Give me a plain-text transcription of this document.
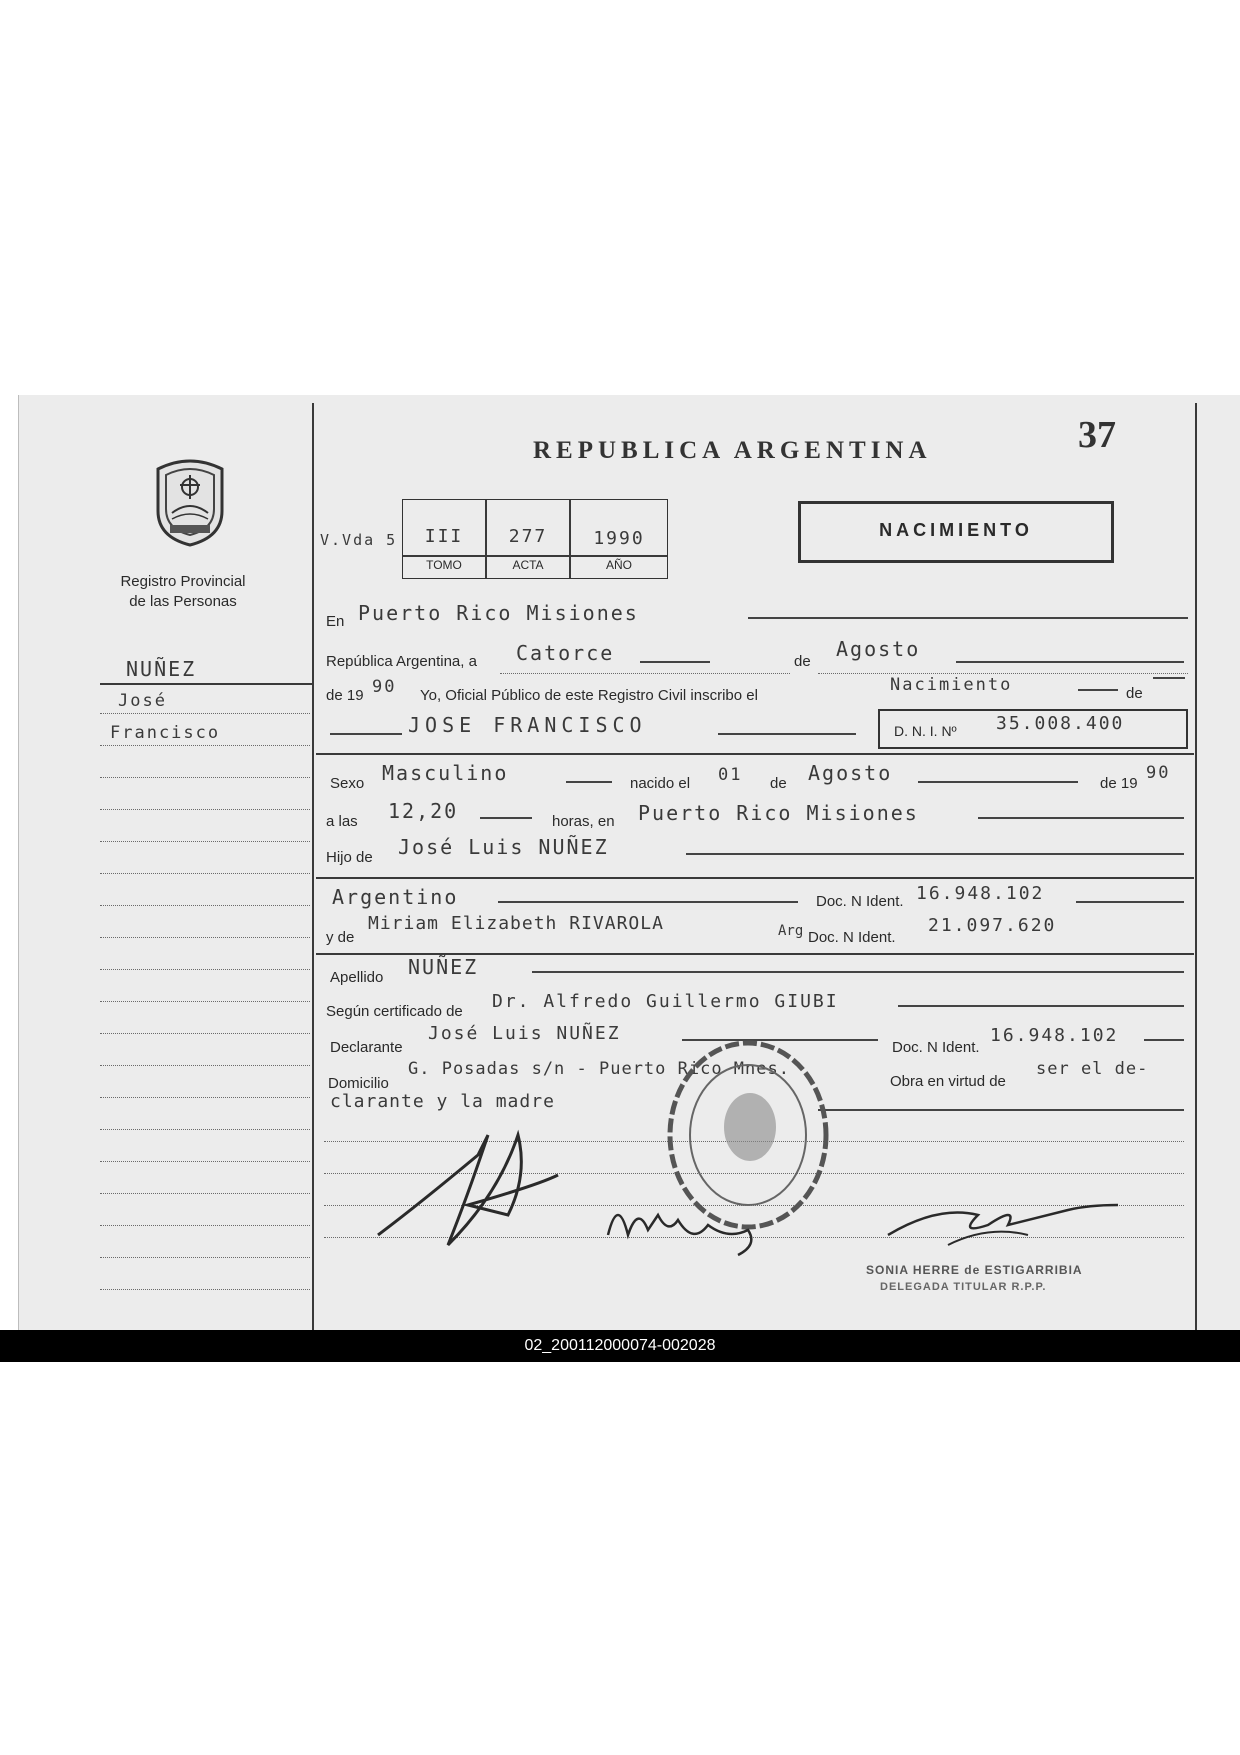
Registro Provincial
de las Personas
NUÑEZ
José
Francisco
REPUBLICA ARGENTINA	37
NACIMIENTO
V.Vda 5	III	277	1990
TOMO	ACTA	AÑO
En Puerto Rico Misiones
República Argentina, a Catorce	de
Agosto
de 19 90 Yo, Oficial Público de este Registro Civil inscribo el
Nacimiento	de
JOSE FRANCISCO	D. N. I. Nº 35.008.400
Sexo Masculino	nacido el 01 de Agosto	de 19
90
a las 12,20	horas, en Puerto Rico Misiones
Hijo de José Luis NUÑEZ
Argentino	Doc. N Ident. 16.948.102
y de
Miriam Elizabeth RIVAROLA	Arg Doc. N Ident.
21.097.620
Apellido NUÑEZ
Según certificado de Dr. Alfredo Guillermo GIUBI
Declarante
José Luis NUÑEZ
Doc. N Ident.
16.948.102
Domicilio
G. Posadas s/n - Puerto Rico Mnes.
Obra en virtud de
ser el de-
clarante y la madre
SONIA HERRE de ESTIGARRIBIA
DELEGADA TITULAR R.P.P.
02_200112000074-002028
